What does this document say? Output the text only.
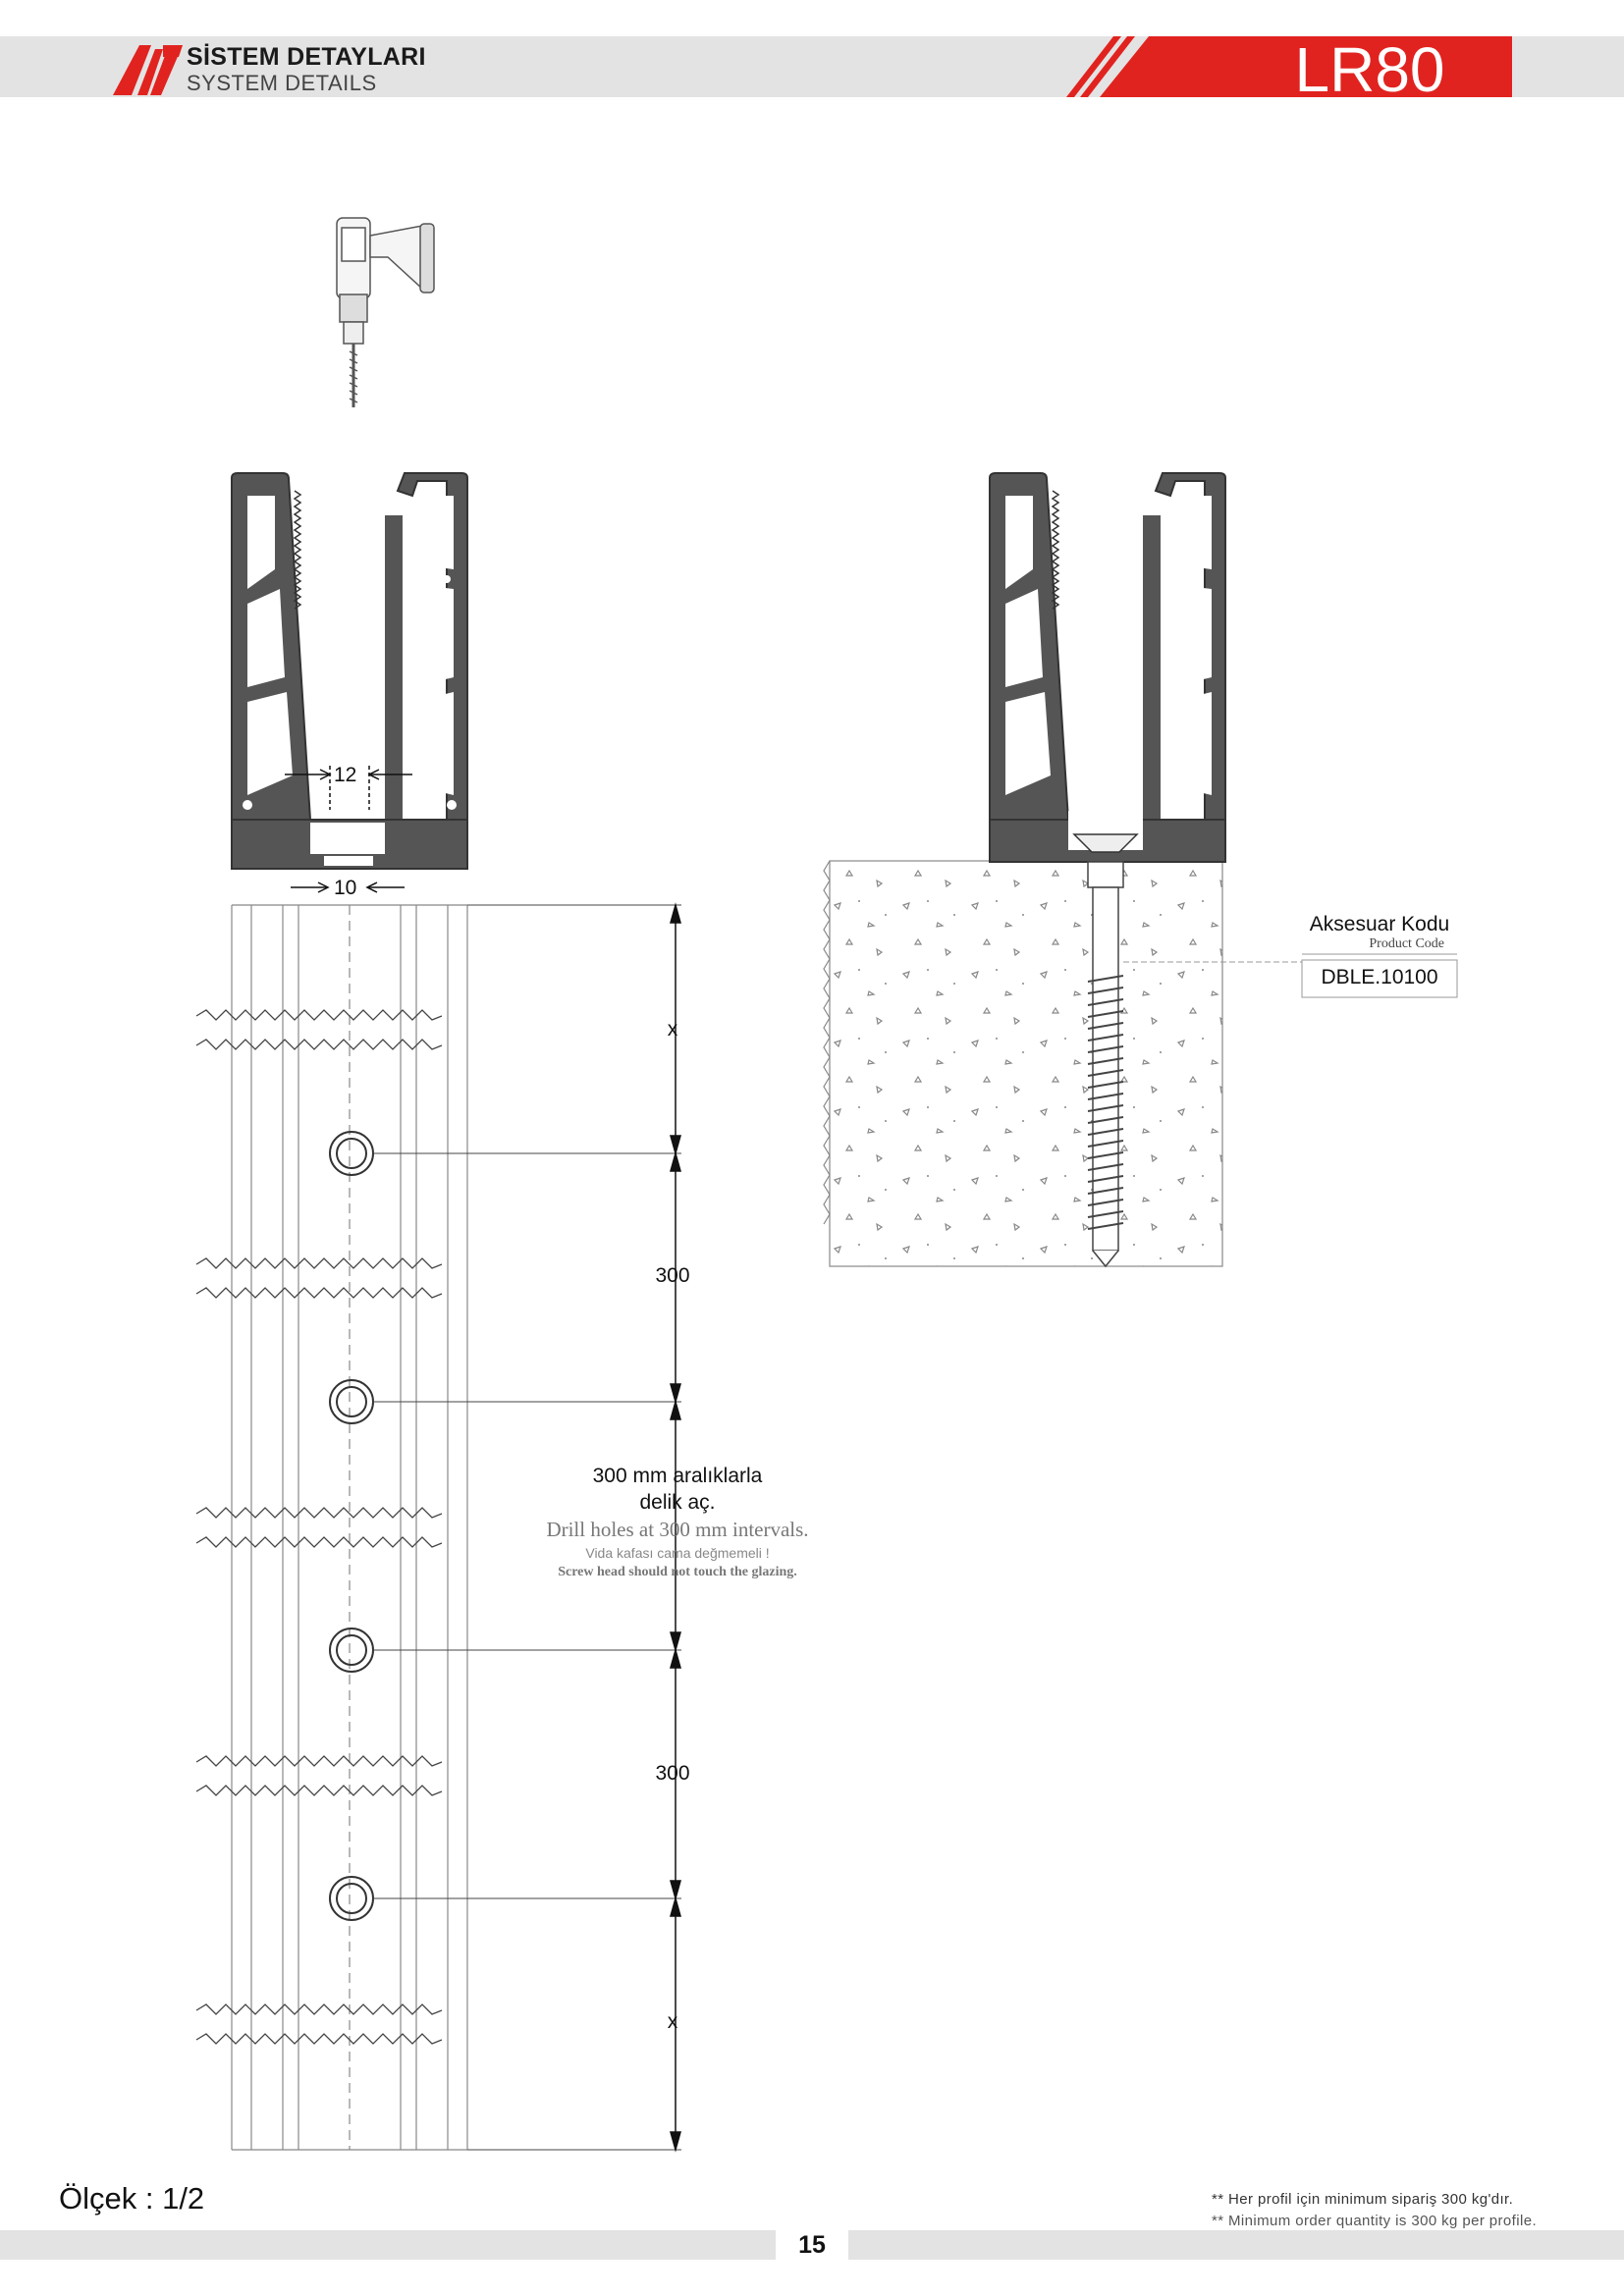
SİSTEM DETAYLARI
SYSTEM DETAILS	LR80
12
10
x
300
300
x
300 mm aralıklarla
delik aç.
Drill holes at 300 mm intervals.
Vida kafası cama değmemeli !
Screw head should not touch the glazing.
Aksesuar Kodu
Product Code
DBLE.10100
Ölçek : 1/2	** Her profil için minimum sipariş 300 kg'dır.
** Minimum order quantity is 300 kg per profile.
15
